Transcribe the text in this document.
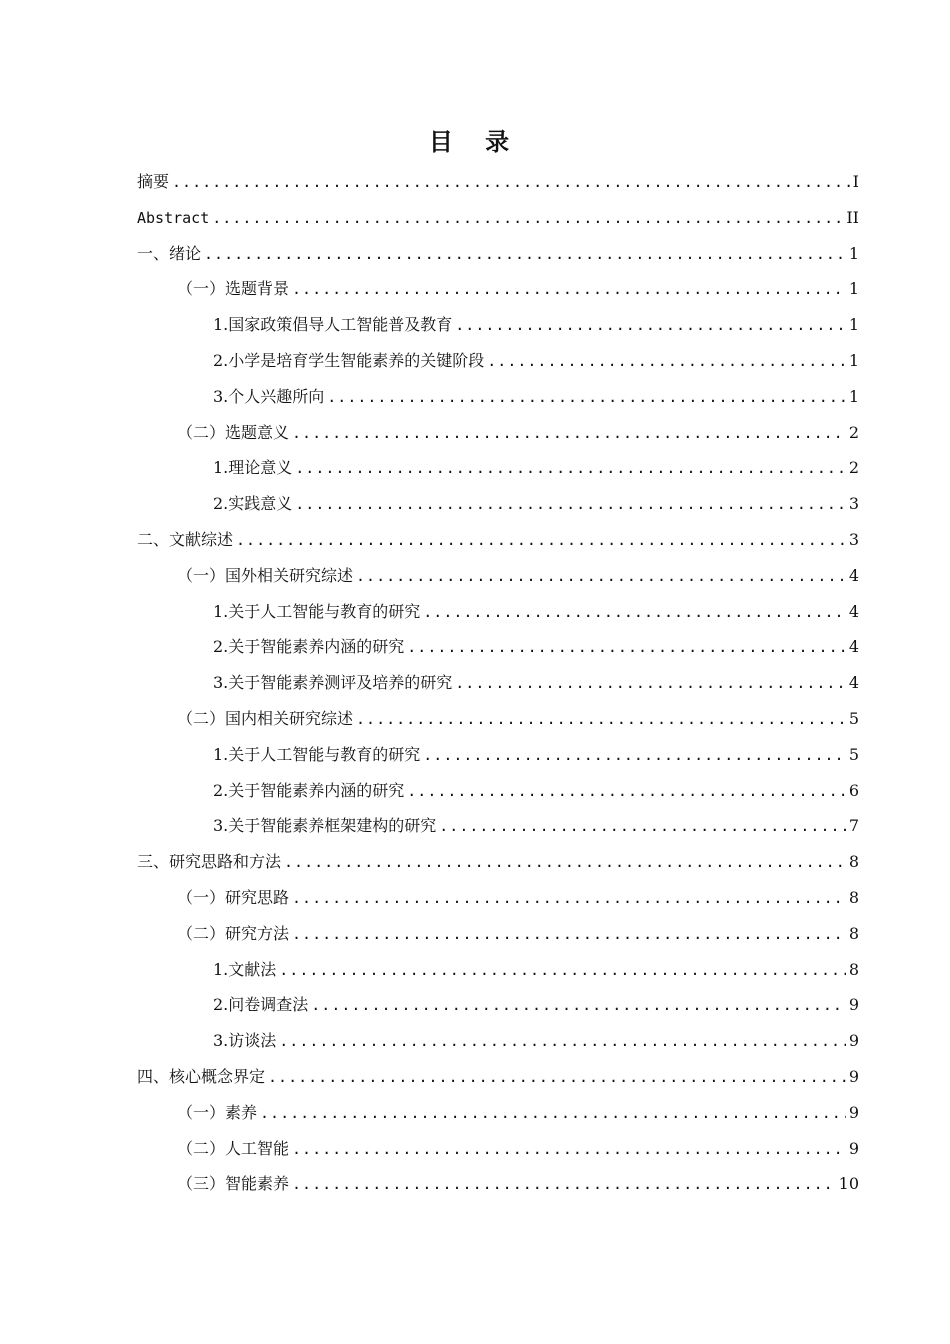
目 录
摘要 .....	I
Abstract .....	II
一、绪论 .....	1
（一）选题背景 .....	1
1.国家政策倡导人工智能普及教育 .....	1
2.小学是培育学生智能素养的关键阶段 .....	1
3.个人兴趣所向 .....	1
（二）选题意义 .....	2
1.理论意义 .....	2
2.实践意义 .....	3
二、文献综述 .....	3
（一）国外相关研究综述 .....	4
1.关于人工智能与教育的研究 .....	4
2.关于智能素养内涵的研究 .....	4
3.关于智能素养测评及培养的研究 .....	4
（二）国内相关研究综述 .....	5
1.关于人工智能与教育的研究 .....	5
2.关于智能素养内涵的研究 .....	6
3.关于智能素养框架建构的研究 .....	7
三、研究思路和方法 .....	8
（一）研究思路 .....	8
（二）研究方法 .....	8
1.文献法 .....	8
2.问卷调查法 .....	9
3.访谈法 .....	9
四、核心概念界定 .....	9
（一）素养 .....	9
（二）人工智能 .....	9
（三）智能素养 .....	10
